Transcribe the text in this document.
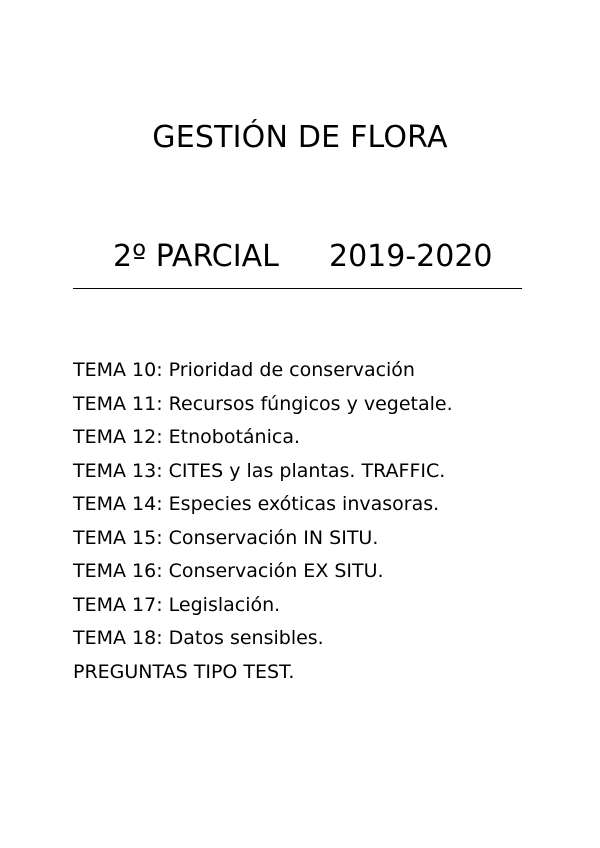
GESTIÓN DE FLORA
2º PARCIAL 2019-2020
TEMA 10: Prioridad de conservación
TEMA 11: Recursos fúngicos y vegetale.
TEMA 12: Etnobotánica.
TEMA 13: CITES y las plantas. TRAFFIC.
TEMA 14: Especies exóticas invasoras.
TEMA 15: Conservación IN SITU.
TEMA 16: Conservación EX SITU.
TEMA 17: Legislación.
TEMA 18: Datos sensibles.
PREGUNTAS TIPO TEST.
